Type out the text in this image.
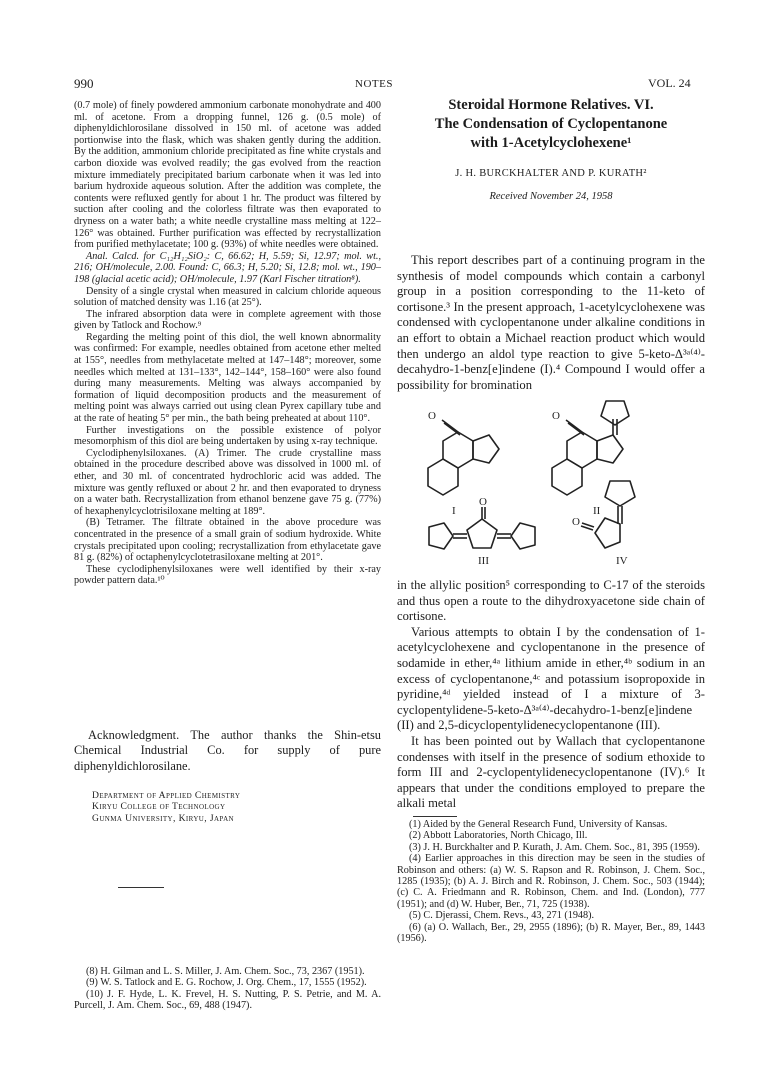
990	NOTES	VOL. 24

(0.7 mole) of finely powdered ammonium carbonate monohydrate and 400 ml. of acetone. From a dropping funnel, 126 g. (0.5 mole) of diphenyldichlorosilane dissolved in 150 ml. of acetone was added portionwise into the flask, which was shaken gently during the addition. By the addition, ammonium chloride precipitated as fine white crystals and carbon dioxide was evolved readily; the gas evolved from the reaction mixture immediately precipitated barium carbonate when it was led into barium hydroxide aqueous solution. After the addition was complete, the contents were refluxed gently for about 1 hr. The product was filtered by suction after cooling and the colorless filtrate was then evaporated to dryness on a water bath; a white needle crystalline mass melting at 122–126° was obtained. Further purification was effected by recrystallization from purified methylacetate; 100 g. (93%) of white needles were obtained.

Anal. Calcd. for C₁₂H₁₂SiO₂: C, 66.62; H, 5.59; Si, 12.97; mol. wt., 216; OH/molecule, 2.00. Found: C, 66.3; H, 5.20; Si, 12.8; mol. wt., 190–198 (glacial acetic acid); OH/molecule, 1.97 (Karl Fischer titration⁸).

Density of a single crystal when measured in calcium chloride aqueous solution of matched density was 1.16 (at 25°).

The infrared absorption data were in complete agreement with those given by Tatlock and Rochow.⁹

Regarding the melting point of this diol, the well known abnormality was confirmed: For example, needles obtained from acetone ether melted at 155°, needles from methylacetate melted at 147–148°; moreover, some needles which melted at 131–133°, 142–144°, 158–160° were also found during many measurements. Melting was always accompanied by formation of liquid decomposition products and the measurement of melting point was always carried out using clean Pyrex capillary tube and at the rate of heating 5° per min., the bath being preheated at about 110°.

Further investigations on the possible existence of polyor mesomorphism of this diol are being undertaken by using x-ray technique.

Cyclodiphenylsiloxanes. (A) Trimer. The crude crystalline mass obtained in the procedure described above was dissolved in 1000 ml. of ether, and 30 ml. of concentrated hydrochloric acid was added. The mixture was gently refluxed or about 2 hr. and then evaporated to dryness on a water bath. Recrystallization from ethanol benzene gave 75 g. (77%) of hexaphenylcyclotrisiloxane melting at 189°.

(B) Tetramer. The filtrate obtained in the above procedure was concentrated in the presence of a small grain of sodium hydroxide. White crystals precipitated upon cooling; recrystallization from ethylacetate gave 81 g. (82%) of octaphenylcyclotetrasiloxane melting at 201°.

These cyclodiphenylsiloxanes were well identified by their x-ray powder pattern data.¹⁰

Acknowledgment. The author thanks the Shin-etsu Chemical Industrial Co. for supply of pure diphenyldichlorosilane.
Department of Applied Chemistry
Kiryu College of Technology
Gunma University, Kiryu, Japan

(8) H. Gilman and L. S. Miller, J. Am. Chem. Soc., 73, 2367 (1951).

(9) W. S. Tatlock and E. G. Rochow, J. Org. Chem., 17, 1555 (1952).

(10) J. F. Hyde, L. K. Frevel, H. S. Nutting, P. S. Petrie, and M. A. Purcell, J. Am. Chem. Soc., 69, 488 (1947).

Steroidal Hormone Relatives. VI.
The Condensation of Cyclopentanone
with 1-Acetylcyclohexene¹
J. H. BURCKHALTER AND P. KURATH²
Received November 24, 1958
This report describes part of a continuing program in the synthesis of model compounds which contain a carbonyl group in a position corresponding to the 11-keto of cortisone.³ In the present approach, 1-acetylcyclohexene was condensed with cyclopentanone under alkaline conditions in an effort to obtain a Michael reaction product which would then undergo an aldol type reaction to give 5-keto-Δ³ᵃ⁽⁴⁾-decahydro-1-benz[e]indene (I).⁴ Compound I would offer a possibility for bromination
O
I
O
II
O
III
O
IV

in the allylic position⁵ corresponding to C-17 of the steroids and thus open a route to the dihydroxyacetone side chain of cortisone.

Various attempts to obtain I by the condensation of 1-acetylcyclohexene and cyclopentanone in the presence of sodamide in ether,⁴ᵃ lithium amide in ether,⁴ᵇ sodium in an excess of cyclopentanone,⁴ᶜ and potassium isopropoxide in pyridine,⁴ᵈ yielded instead of I a mixture of 3-cyclopentylidene-5-keto-Δ³ᵃ⁽⁴⁾-decahydro-1-benz[e]indene (II) and 2,5-dicyclopentylidenecyclopentanone (III).

It has been pointed out by Wallach that cyclopentanone condenses with itself in the presence of sodium ethoxide to form III and 2-cyclopentylidenecyclopentanone (IV).⁶ It appears that under the conditions employed to prepare the alkali metal

(1) Aided by the General Research Fund, University of Kansas.

(2) Abbott Laboratories, North Chicago, Ill.

(3) J. H. Burckhalter and P. Kurath, J. Am. Chem. Soc., 81, 395 (1959).

(4) Earlier approaches in this direction may be seen in the studies of Robinson and others: (a) W. S. Rapson and R. Robinson, J. Chem. Soc., 1285 (1935); (b) A. J. Birch and R. Robinson, J. Chem. Soc., 503 (1944); (c) C. A. Friedmann and R. Robinson, Chem. and Ind. (London), 777 (1951); and (d) W. Huber, Ber., 71, 725 (1938).

(5) C. Djerassi, Chem. Revs., 43, 271 (1948).

(6) (a) O. Wallach, Ber., 29, 2955 (1896); (b) R. Mayer, Ber., 89, 1443 (1956).
